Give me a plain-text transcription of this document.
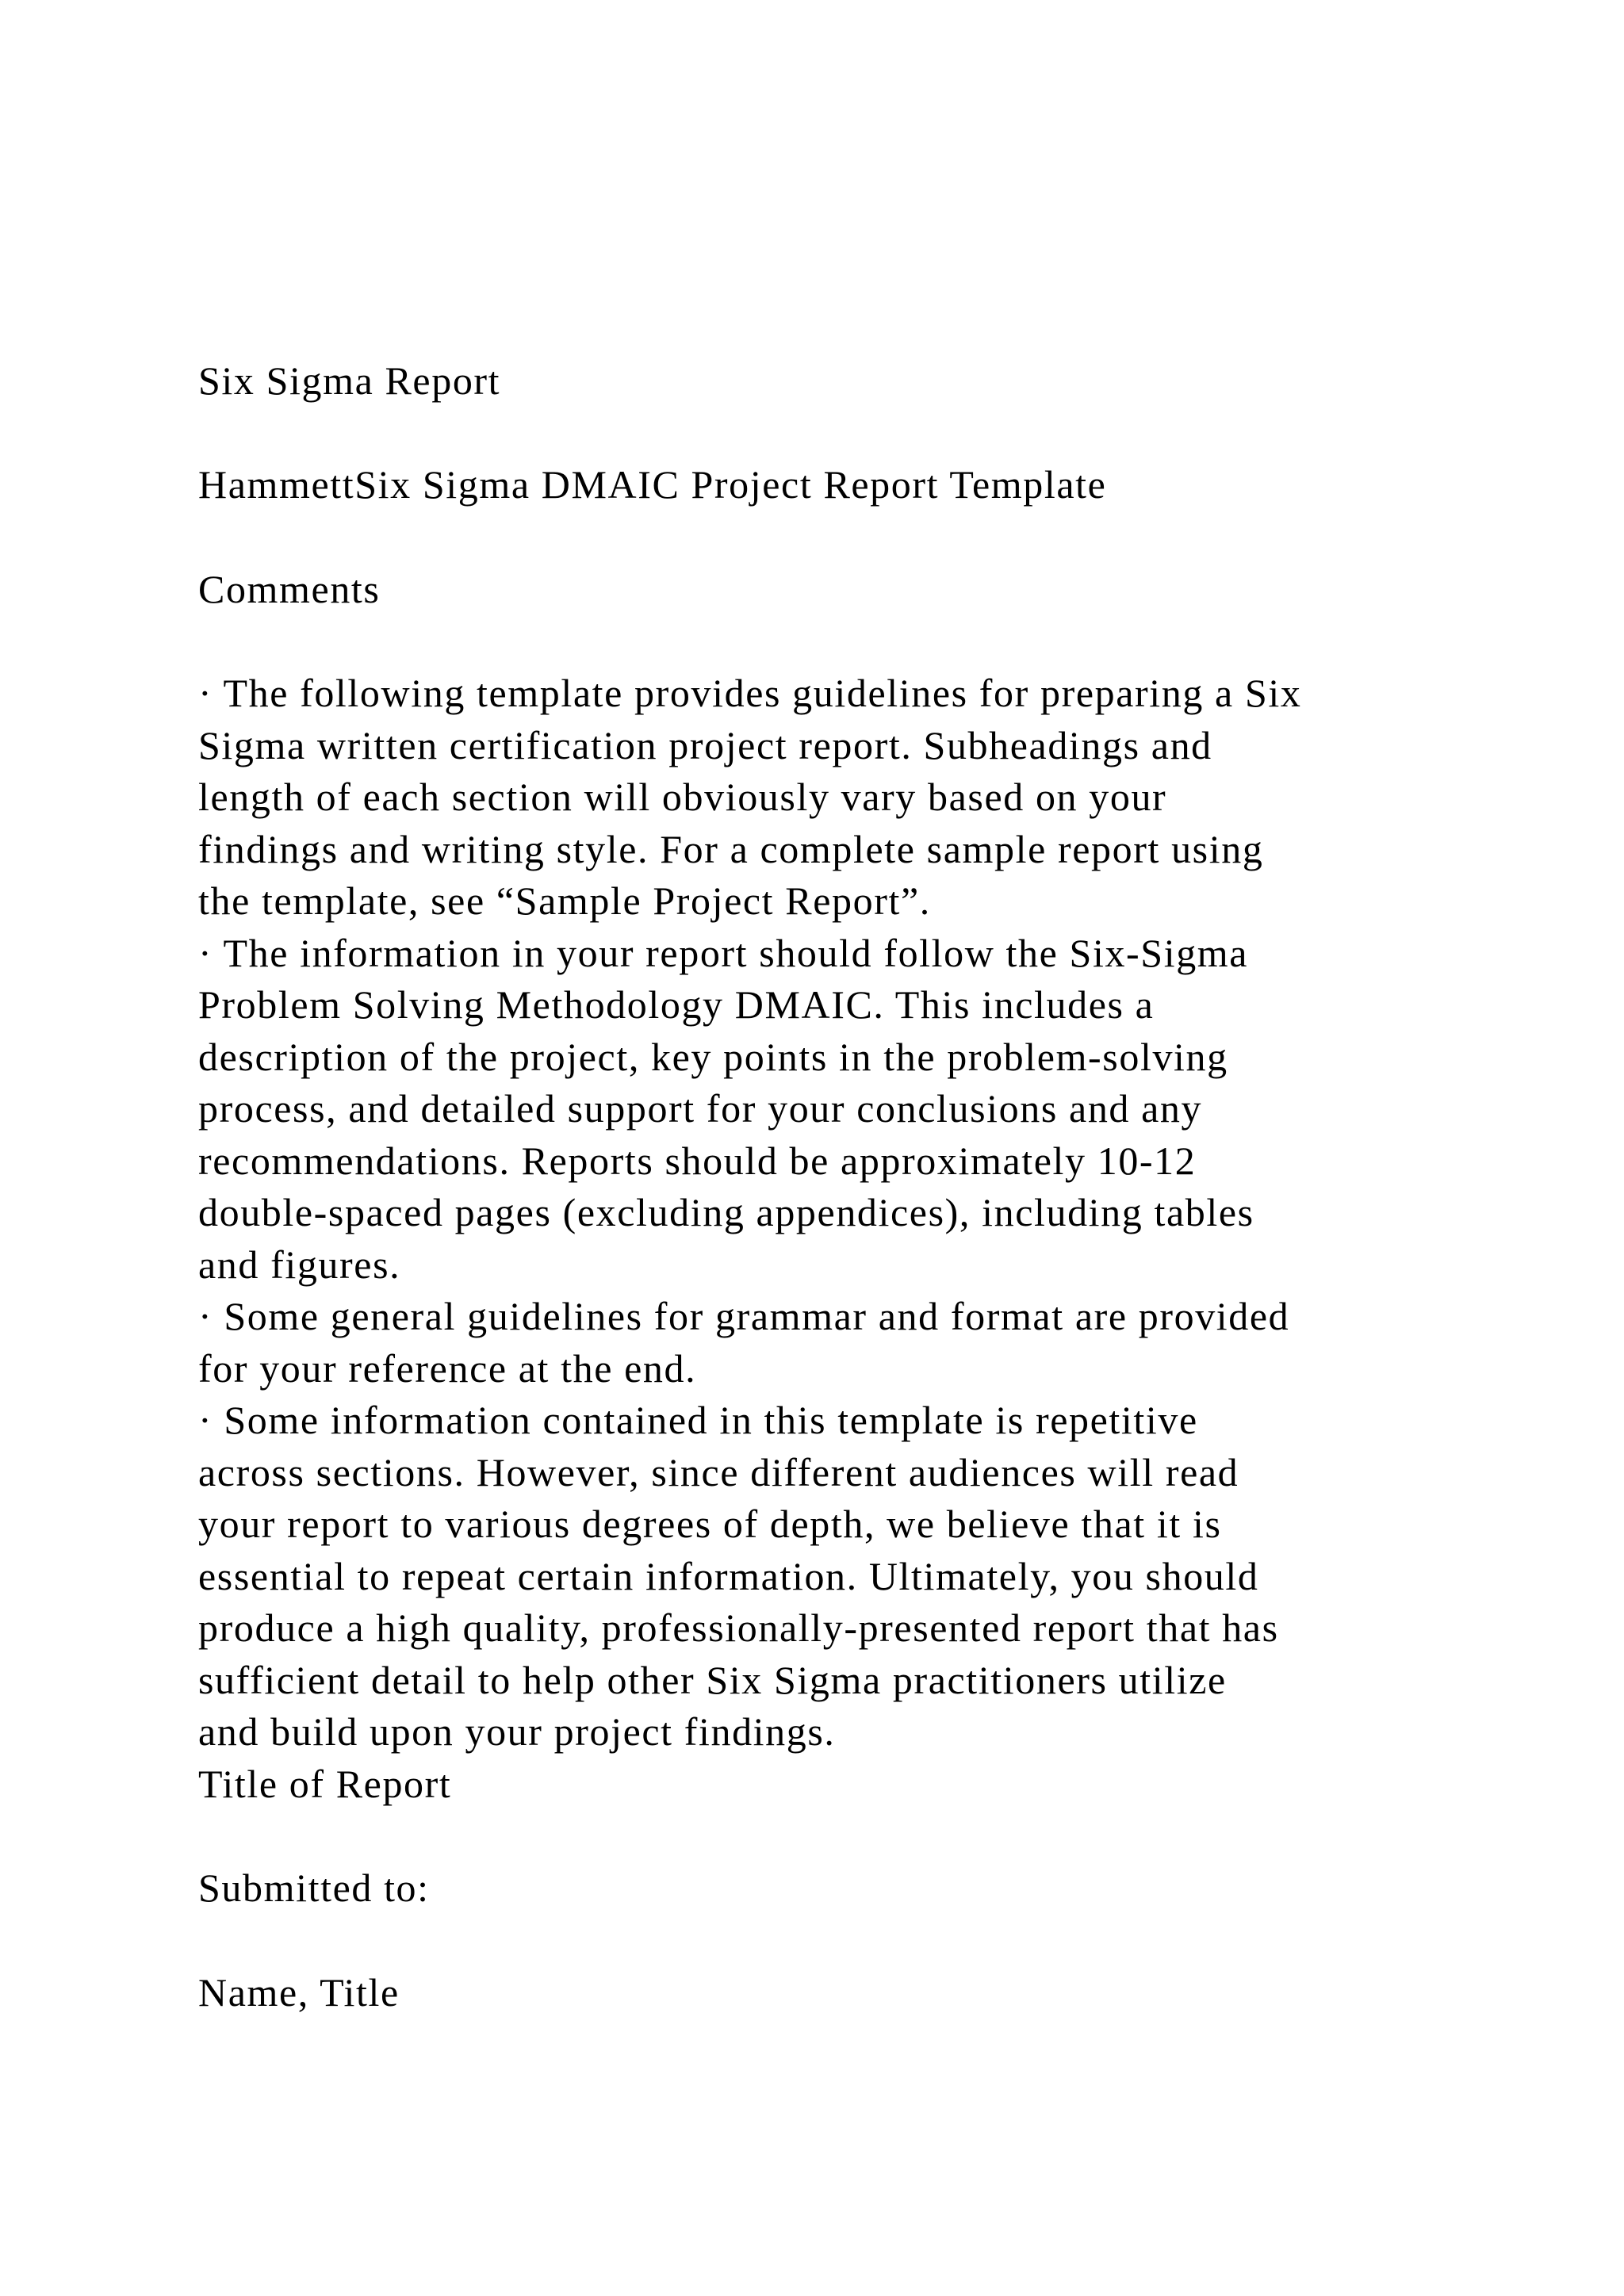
Six Sigma Report
HammettSix Sigma DMAIC Project Report Template
Comments
· The following template provides guidelines for preparing a Six
Sigma written certification project report. Subheadings and
length of each section will obviously vary based on your
findings and writing style. For a complete sample report using
the template, see “Sample Project Report”.
· The information in your report should follow the Six-Sigma
Problem Solving Methodology DMAIC. This includes a
description of the project, key points in the problem-solving
process, and detailed support for your conclusions and any
recommendations. Reports should be approximately 10-12
double-spaced pages (excluding appendices), including tables
and figures.
· Some general guidelines for grammar and format are provided
for your reference at the end.
· Some information contained in this template is repetitive
across sections. However, since different audiences will read
your report to various degrees of depth, we believe that it is
essential to repeat certain information. Ultimately, you should
produce a high quality, professionally-presented report that has
sufficient detail to help other Six Sigma practitioners utilize
and build upon your project findings.
Title of Report
Submitted to:
Name, Title
